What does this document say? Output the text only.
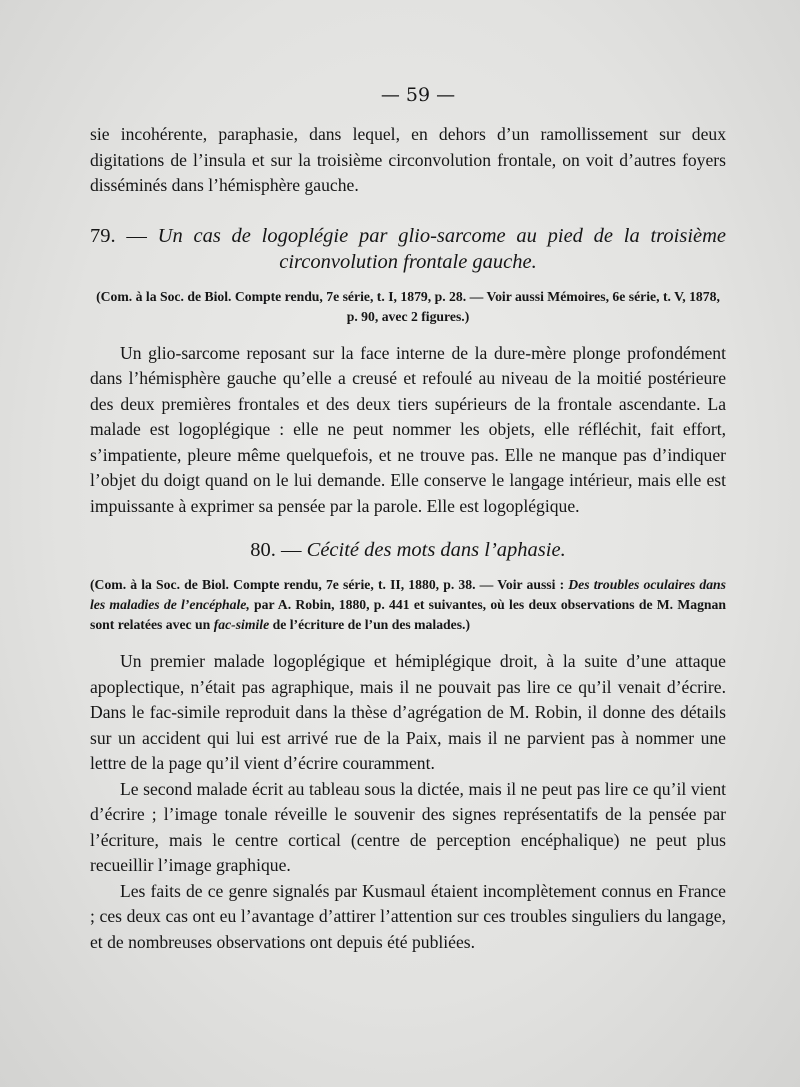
— 59 —

sie incohérente, paraphasie, dans lequel, en dehors d’un ramollissement sur deux digitations de l’insula et sur la troisième circonvolution frontale, on voit d’autres foyers disséminés dans l’hémisphère gauche.

79. — Un cas de logoplégie par glio-sarcome au pied de la troisième circonvolution frontale gauche.
(Com. à la Soc. de Biol. Compte rendu, 7e série, t. I, 1879, p. 28. — Voir aussi Mémoires, 6e série, t. V, 1878, p. 90, avec 2 figures.)

Un glio-sarcome reposant sur la face interne de la dure-mère plonge profondément dans l’hémisphère gauche qu’elle a creusé et refoulé au niveau de la moitié postérieure des deux premières frontales et des deux tiers supérieurs de la frontale ascendante. La malade est logoplégique : elle ne peut nommer les objets, elle réfléchit, fait effort, s’impatiente, pleure même quelquefois, et ne trouve pas. Elle ne manque pas d’indiquer l’objet du doigt quand on le lui demande. Elle conserve le langage intérieur, mais elle est impuissante à exprimer sa pensée par la parole. Elle est logoplégique.

80. — Cécité des mots dans l’aphasie.
(Com. à la Soc. de Biol. Compte rendu, 7e série, t. II, 1880, p. 38. — Voir aussi : Des troubles oculaires dans les maladies de l’encéphale, par A. Robin, 1880, p. 441 et suivantes, où les deux observations de M. Magnan sont relatées avec un fac-simile de l’écriture de l’un des malades.)

Un premier malade logoplégique et hémiplégique droit, à la suite d’une attaque apoplectique, n’était pas agraphique, mais il ne pouvait pas lire ce qu’il venait d’écrire. Dans le fac-simile reproduit dans la thèse d’agrégation de M. Robin, il donne des détails sur un accident qui lui est arrivé rue de la Paix, mais il ne parvient pas à nommer une lettre de la page qu’il vient d’écrire couramment.

Le second malade écrit au tableau sous la dictée, mais il ne peut pas lire ce qu’il vient d’écrire ; l’image tonale réveille le souvenir des signes représentatifs de la pensée par l’écriture, mais le centre cortical (centre de perception encéphalique) ne peut plus recueillir l’image graphique.

Les faits de ce genre signalés par Kusmaul étaient incomplètement connus en France ; ces deux cas ont eu l’avantage d’attirer l’attention sur ces troubles singuliers du langage, et de nombreuses observations ont depuis été publiées.
